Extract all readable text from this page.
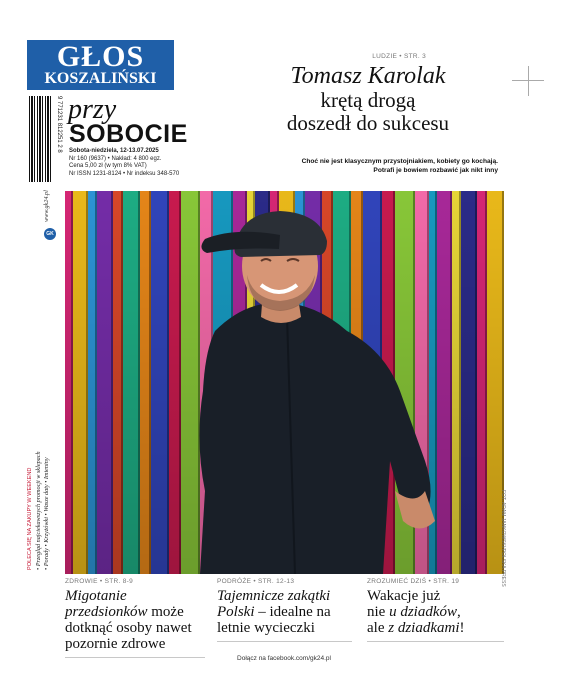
GŁOS
KOSZALIŃSKI
9 771231 812251 2 8 przy
SOBOCIE
Sobota-niedziela, 12-13.07.2025
Nr 160 (9637) • Nakład: 4 800 egz.
Cena 5,00 zł (w tym 8% VAT)
Nr ISSN 1231-8124 • Nr indeksu 348-570
LUDZIE • STR. 3
Tomasz Karolak
krętą drogą
doszedł do sukcesu
Choć nie jest klasycznym przystojniakiem, kobiety go kochają.
Potrafi je bowiem rozbawić jak nikt inny
FOT. ADAM JANKOWSKI/POLSKA PRESS
GK
www.gk24.pl
POLECA SIĘ NA ZAKUPY W WEEKEND • Przegląd najciekawszych promocji w sklepach • Porady • Krzyżówki • Wasze daty • Imieniny
ZDROWIE • STR. 8-9
Migotanie przedsionków może dotknąć osoby nawet pozornie zdrowe
PODRÓŻE • STR. 12-13
Tajemnicze zakątki Polski – idealne na letnie wycieczki
ZROZUMIEĆ DZIŚ • STR. 19
Wakacje już
nie u dziadków,
ale z dziadkami!
Dołącz na facebook.com/gk24.pl
